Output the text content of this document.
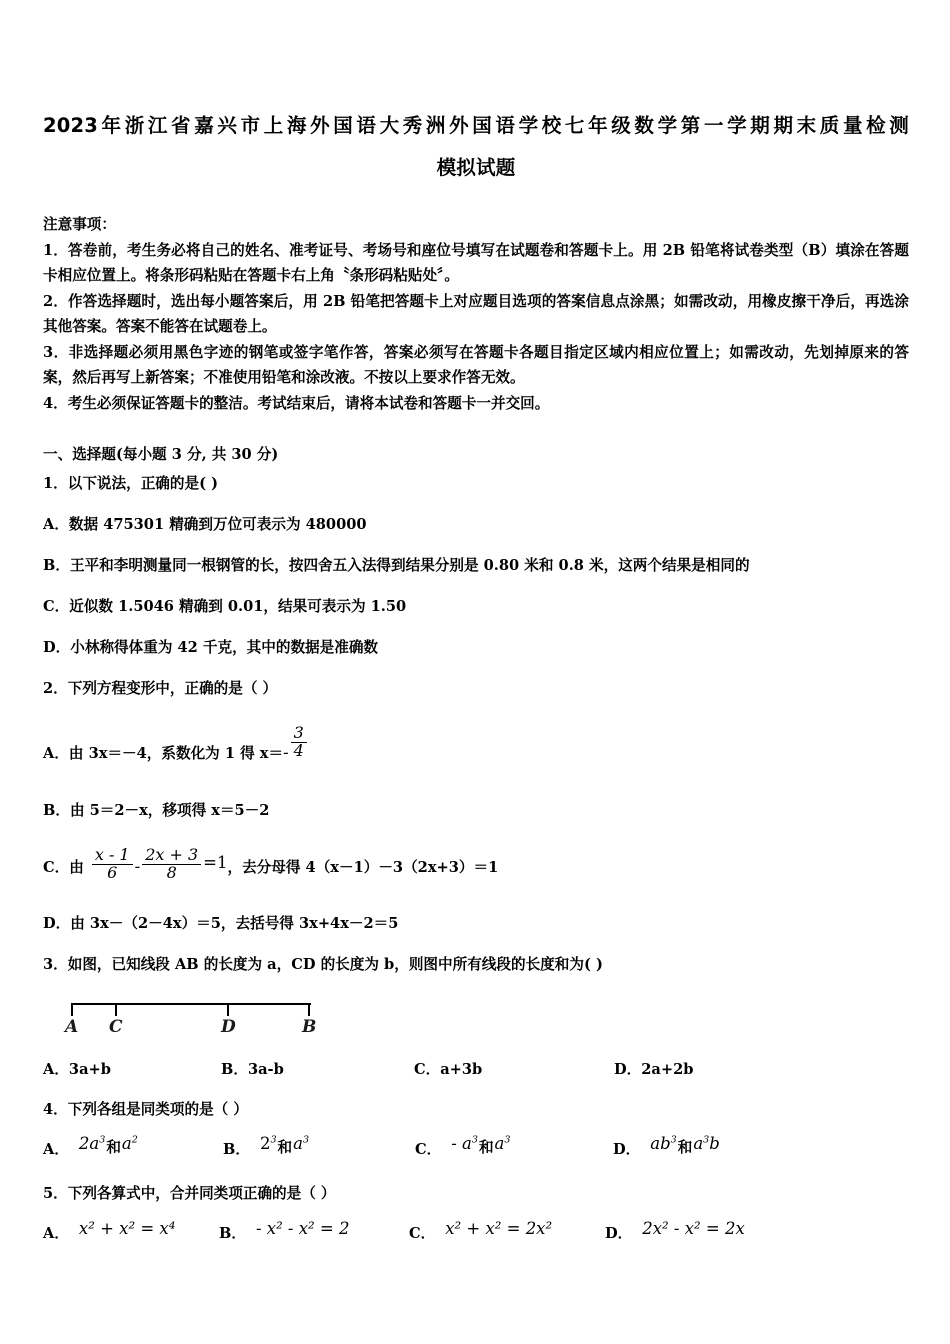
2023年浙江省嘉兴市上海外国语大秀洲外国语学校七年级数学第一学期期末质量检测
模拟试题
注意事项：
1．答卷前，考生务必将自己的姓名、准考证号、考场号和座位号填写在试题卷和答题卡上。用 2B 铅笔将试卷类型（B）填涂在答题卡相应位置上。将条形码粘贴在答题卡右上角〝条形码粘贴处〞。
2．作答选择题时，选出每小题答案后，用 2B 铅笔把答题卡上对应题目选项的答案信息点涂黑；如需改动，用橡皮擦干净后，再选涂其他答案。答案不能答在试题卷上。
3．非选择题必须用黑色字迹的钢笔或签字笔作答，答案必须写在答题卡各题目指定区域内相应位置上；如需改动，先划掉原来的答案，然后再写上新答案；不准使用铅笔和涂改液。不按以上要求作答无效。
4．考生必须保证答题卡的整洁。考试结束后，请将本试卷和答题卡一并交回。
一、选择题(每小题 3 分, 共 30 分)
1．以下说法，正确的是( )
A．数据 475301 精确到万位可表示为 480000
B．王平和李明测量同一根钢管的长，按四舍五入法得到结果分别是 0.80 米和 0.8 米，这两个结果是相同的
C．近似数 1.5046 精确到 0.01，结果可表示为 1.50
D．小林称得体重为 42 千克，其中的数据是准确数
2．下列方程变形中，正确的是（ ）
A．由 3x＝－4，系数化为 1 得 $x=- \frac{3}{4}$
B．由 5＝2－x，移项得 x＝5－2
C．由 $\frac{x - 1}{6} - \frac{2x + 3}{8} =1$，去分母得 4（x－1）－3（2x+3）＝1
D．由 3x－（2－4x）＝5，去括号得 3x+4x－2＝5
3．如图，已知线段 AB 的长度为 a，CD 的长度为 b，则图中所有线段的长度和为( )
A C	D	B
A．3a+b	B．3a-b	C．a+3b	D．2a+2b
4．下列各组是同类项的是（ ）
A． $2a^3$和$a^2$
B． $2^3$和$a^3$
C． - $a^3$和$a^3$
D． $ab^3$和$a^3b$
5．下列各算式中，合并同类项正确的是（ ）
A． x² + x² = x⁴	B． - x² - x² = 2	C． x² + x² = 2x²	D． 2x² - x² = 2x
